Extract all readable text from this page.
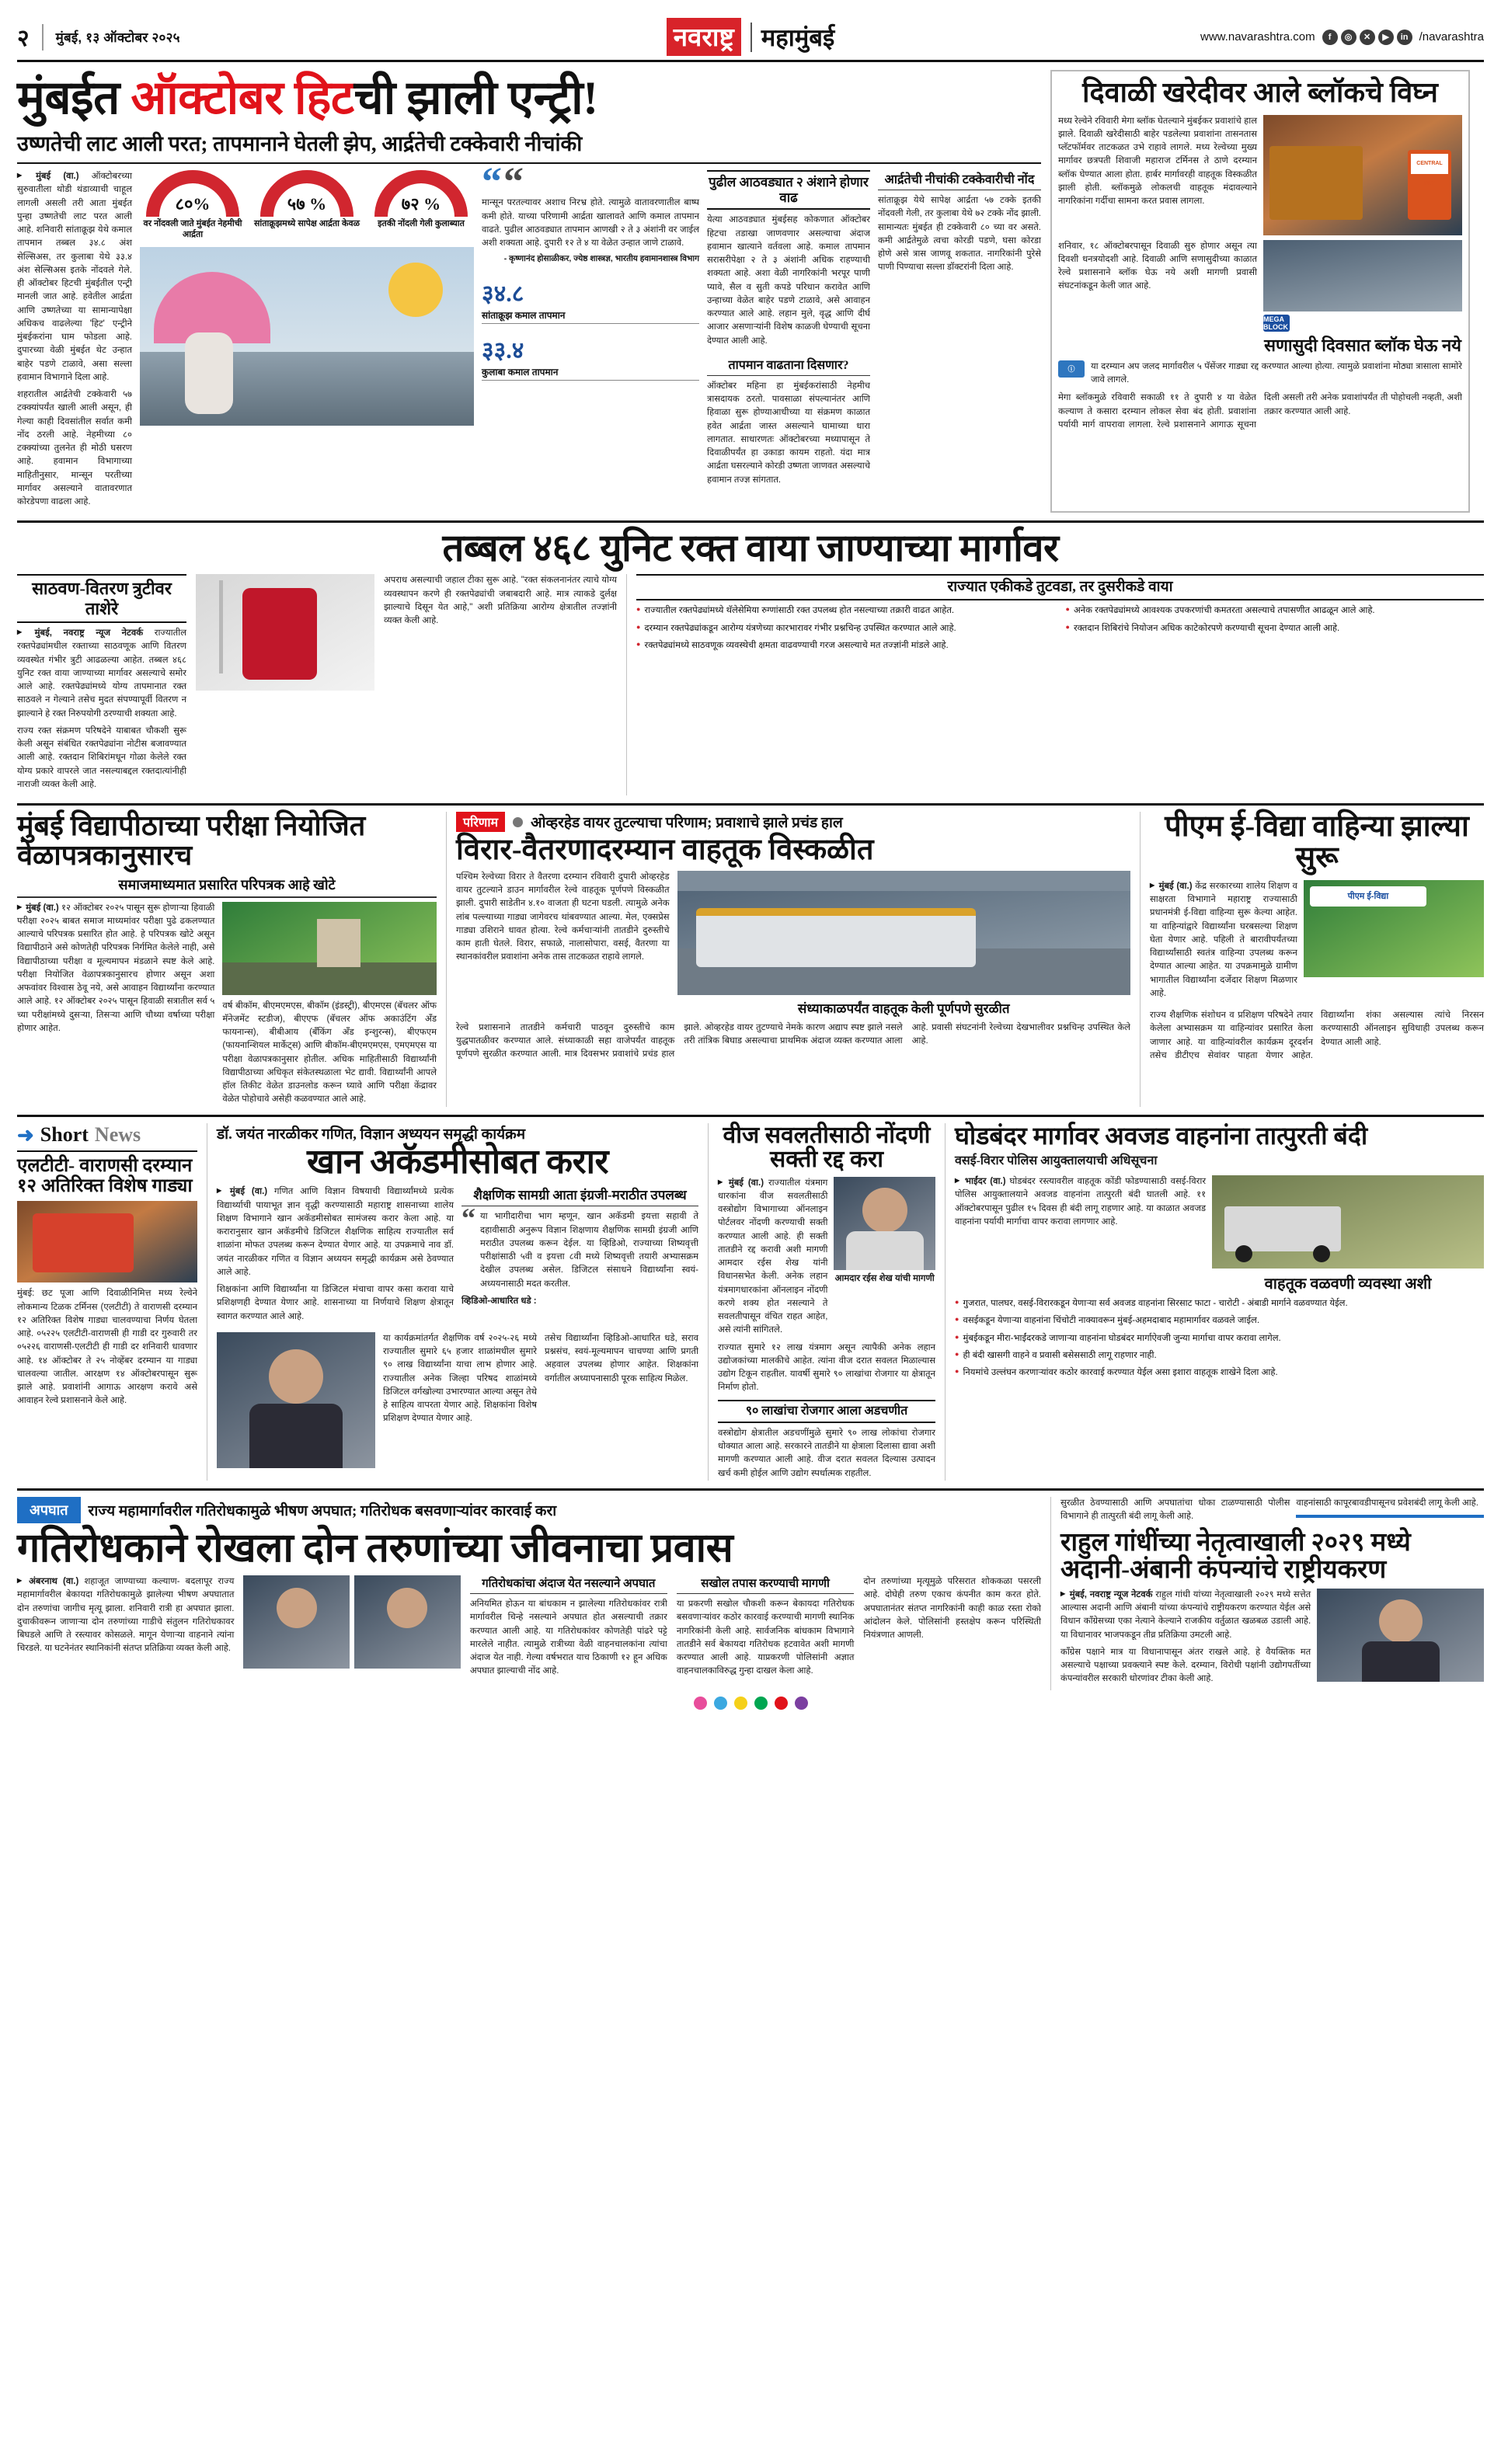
२ मुंबई, १३ ऑक्टोबर २०२५	नवराष्ट्र महामुंबई	www.navarashtra.com	f	◎	✕	▶	in /navarashtra
मुंबईत ऑक्टोबर हिटची झाली एन्ट्री!
उष्णतेची लाट आली परत; तापमानाने घेतली झेप, आर्द्रतेची टक्केवारी नीचांकी

▶ मुंबई (वा.) ऑक्टोबरच्या सुरुवातीला थोडी थंडाव्याची चाहूल लागली असली तरी आता मुंबईत पुन्हा उष्णतेची लाट परत आली आहे. शनिवारी सांताक्रूझ येथे कमाल तापमान तब्बल ३४.८ अंश सेल्सिअस, तर कुलाबा येथे ३३.४ अंश सेल्सिअस इतके नोंदवले गेले. ही ऑक्टोबर हिटची मुंबईतील एन्ट्री मानली जात आहे. हवेतील आर्द्रता आणि उष्णतेच्या या सामान्यापेक्षा अधिकच वाढलेल्या 'हिट' एन्ट्रीने मुंबईकरांना घाम फोडला आहे. दुपारच्या वेळी मुंबईत थेट उन्हात बाहेर पडणे टाळावे, असा सल्ला हवामान विभागाने दिला आहे.

शहरातील आर्द्रतेची टक्केवारी ५७ टक्क्यांपर्यंत खाली आली असून, ही गेल्या काही दिवसांतील सर्वात कमी नोंद ठरली आहे. नेहमीच्या ८० टक्क्यांच्या तुलनेत ही मोठी घसरण आहे. हवामान विभागाच्या माहितीनुसार, मान्सून परतीच्या मार्गावर असल्याने वातावरणात कोरडेपणा वाढला आहे.

८०%
वर नोंदवली जाते मुंबईत नेहमीची आर्द्रता
५७ %
सांताक्रूझमध्ये सापेक्ष आर्द्रता केवळ
७२ %
इतकी नोंदली गेली कुलाब्यात
“ “
मान्सून परतल्यावर अशाच निरभ्र होते. त्यामुळे वातावरणातील बाष्प कमी होते. याच्या परिणामी आर्द्रता खालावते आणि कमाल तापमान वाढते. पुढील आठवड्यात तापमान आणखी २ ते ३ अंशांनी वर जाईल अशी शक्यता आहे. दुपारी १२ ते ४ या वेळेत उन्हात जाणे टाळावे.
- कृष्णानंद होसाळीकर, ज्येष्ठ शास्त्रज्ञ, भारतीय हवामानशास्त्र विभाग
३४.८
सांताक्रूझ कमाल तापमान
३३.४
कुलाबा कमाल तापमान
पुढील आठवड्यात २ अंशाने होणार वाढ
येत्या आठवड्यात मुंबईसह कोकणात ऑक्टोबर हिटचा तडाखा जाणवणार असल्याचा अंदाज हवामान खात्याने वर्तवला आहे. कमाल तापमान सरासरीपेक्षा २ ते ३ अंशांनी अधिक राहण्याची शक्यता आहे. अशा वेळी नागरिकांनी भरपूर पाणी प्यावे, सैल व सुती कपडे परिधान करावेत आणि उन्हाच्या वेळेत बाहेर पडणे टाळावे, असे आवाहन करण्यात आले आहे. लहान मुले, वृद्ध आणि दीर्घ आजार असणाऱ्यांनी विशेष काळजी घेण्याची सूचना देण्यात आली आहे.
तापमान वाढताना दिसणार?
ऑक्टोबर महिना हा मुंबईकरांसाठी नेहमीच त्रासदायक ठरतो. पावसाळा संपल्यानंतर आणि हिवाळा सुरू होण्याआधीच्या या संक्रमण काळात हवेत आर्द्रता जास्त असल्याने घामाच्या धारा लागतात. साधारणतः ऑक्टोबरच्या मध्यापासून ते दिवाळीपर्यंत हा उकाडा कायम राहतो. यंदा मात्र आर्द्रता घसरल्याने कोरडी उष्णता जाणवत असल्याचे हवामान तज्ज्ञ सांगतात.
आर्द्रतेची नीचांकी टक्केवारीची नोंद
सांताक्रूझ येथे सापेक्ष आर्द्रता ५७ टक्के इतकी नोंदवली गेली, तर कुलाबा येथे ७२ टक्के नोंद झाली. सामान्यतः मुंबईत ही टक्केवारी ८० च्या वर असते. कमी आर्द्रतेमुळे त्वचा कोरडी पडणे, घसा कोरडा होणे असे त्रास जाणवू शकतात. नागरिकांनी पुरेसे पाणी पिण्याचा सल्ला डॉक्टरांनी दिला आहे.
दिवाळी खरेदीवर आले ब्लॉकचे विघ्न
मध्य रेल्वेने रविवारी मेगा ब्लॉक घेतल्याने मुंबईकर प्रवाशांचे हाल झाले. दिवाळी खरेदीसाठी बाहेर पडलेल्या प्रवाशांना तासनतास प्लॅटफॉर्मवर ताटकळत उभे राहावे लागले. मध्य रेल्वेच्या मुख्य मार्गावर छत्रपती शिवाजी महाराज टर्मिनस ते ठाणे दरम्यान ब्लॉक घेण्यात आला होता. हार्बर मार्गावरही वाहतूक विस्कळीत झाली होती. ब्लॉकमुळे लोकलची वाहतूक मंदावल्याने नागरिकांना गर्दीचा सामना करत प्रवास लागला.
CENTRAL RLY
शनिवार, १८ ऑक्टोबरपासून दिवाळी सुरु होणार असून त्या दिवशी धनत्रयोदशी आहे. दिवाळी आणि सणासुदीच्या काळात रेल्वे प्रशासनाने ब्लॉक घेऊ नये अशी मागणी प्रवासी संघटनांकडून केली जात आहे.
MEGA BLOCK
सणासुदी दिवसात ब्लॉक घेऊ नये
ⓘ	या दरम्यान अप जलद मार्गावरील ५ पॅसेंजर गाड्या रद्द करण्यात आल्या होत्या. त्यामुळे प्रवाशांना मोठ्या त्रासाला सामोरे जावे लागले.
मेगा ब्लॉकमुळे रविवारी सकाळी ११ ते दुपारी ४ या वेळेत कल्याण ते कसारा दरम्यान लोकल सेवा बंद होती. प्रवाशांना पर्यायी मार्ग वापरावा लागला. रेल्वे प्रशासनाने आगाऊ सूचना दिली असली तरी अनेक प्रवाशांपर्यंत ती पोहोचली नव्हती, अशी तक्रार करण्यात आली आहे.
तब्बल ४६८ युनिट रक्त वाया जाण्याच्या मार्गावर
साठवण-वितरण त्रुटीवर ताशेरे

▶ मुंबई, नवराष्ट्र न्यूज नेटवर्क राज्यातील रक्तपेढ्यांमधील रक्ताच्या साठवणूक आणि वितरण व्यवस्थेत गंभीर त्रुटी आढळल्या आहेत. तब्बल ४६८ युनिट रक्त वाया जाण्याच्या मार्गावर असल्याचे समोर आले आहे. रक्तपेढ्यांमध्ये योग्य तापमानात रक्त साठवले न गेल्याने तसेच मुदत संपण्यापूर्वी वितरण न झाल्याने हे रक्त निरुपयोगी ठरण्याची शक्यता आहे.

राज्य रक्त संक्रमण परिषदेने याबाबत चौकशी सुरू केली असून संबंधित रक्तपेढ्यांना नोटीस बजावण्यात आली आहे. रक्तदान शिबिरांमधून गोळा केलेले रक्त योग्य प्रकारे वापरले जात नसल्याबद्दल रक्तदात्यांनीही नाराजी व्यक्त केली आहे.

अपराध असल्याची जहाल टीका सुरू आहे. "रक्त संकलनानंतर त्याचे योग्य व्यवस्थापन करणे ही रक्तपेढ्यांची जबाबदारी आहे. मात्र त्याकडे दुर्लक्ष झाल्याचे दिसून येत आहे," अशी प्रतिक्रिया आरोग्य क्षेत्रातील तज्ज्ञांनी व्यक्त केली आहे.
राज्यात एकीकडे तुटवडा, तर दुसरीकडे वाया
● राज्यातील रक्तपेढ्यांमध्ये थॅलेसेमिया रुग्णांसाठी रक्त उपलब्ध होत नसल्याच्या तक्रारी वाढत आहेत.
● दरम्यान रक्तपेढ्यांकडून आरोग्य यंत्रणेच्या कारभारावर गंभीर प्रश्नचिन्ह उपस्थित करण्यात आले आहे.
● रक्तपेढ्यांमध्ये साठवणूक व्यवस्थेची क्षमता वाढवण्याची गरज असल्याचे मत तज्ज्ञांनी मांडले आहे.
● अनेक रक्तपेढ्यांमध्ये आवश्यक उपकरणांची कमतरता असल्याचे तपासणीत आढळून आले आहे.
● रक्तदान शिबिरांचे नियोजन अधिक काटेकोरपणे करण्याची सूचना देण्यात आली आहे.
मुंबई विद्यापीठाच्या परीक्षा नियोजित वेळापत्रकानुसारच
समाजमाध्यमात प्रसारित परिपत्रक आहे खोटे

▶ मुंबई (वा.) १२ ऑक्टोबर २०२५ पासून सुरू होणाऱ्या हिवाळी परीक्षा २०२५ बाबत समाज माध्यमांवर परीक्षा पुढे ढकलण्यात आल्याचे परिपत्रक प्रसारित होत आहे. हे परिपत्रक खोटे असून विद्यापीठाने असे कोणतेही परिपत्रक निर्गमित केलेले नाही, असे विद्यापीठाच्या परीक्षा व मूल्यमापन मंडळाने स्पष्ट केले आहे. परीक्षा नियोजित वेळापत्रकानुसारच होणार असून अशा अफवांवर विश्वास ठेवू नये, असे आवाहन विद्यार्थ्यांना करण्यात आले आहे. १२ ऑक्टोबर २०२५ पासून हिवाळी सत्रातील सर्व ५ च्या परीक्षांमध्ये दुसऱ्या, तिसऱ्या आणि चौथ्या वर्षाच्या परीक्षा होणार आहेत.

वर्ष बीकॉम, बीएमएमएस, बीकॉम (इंडस्ट्री), बीएमएस (बॅचलर ऑफ मॅनेजमेंट स्टडीज), बीएएफ (बॅचलर ऑफ अकाउंटिंग अँड फायनान्स), बीबीआय (बँकिंग अँड इन्शुरन्स), बीएफएम (फायनान्शियल मार्केट्स) आणि बीकॉम-बीएमएमएस, एमएमएस या परीक्षा वेळापत्रकानुसार होतील. अधिक माहितीसाठी विद्यार्थ्यांनी विद्यापीठाच्या अधिकृत संकेतस्थळाला भेट द्यावी. विद्यार्थ्यांनी आपले हॉल तिकीट वेळेत डाउनलोड करून घ्यावे आणि परीक्षा केंद्रावर वेळेत पोहोचावे असेही कळवण्यात आले आहे.
परिणाम	ओव्हरहेड वायर तुटल्याचा परिणाम; प्रवाशाचे झाले प्रचंड हाल
विरार-वैतरणादरम्यान वाहतूक विस्कळीत
पश्चिम रेल्वेच्या विरार ते वैतरणा दरम्यान रविवारी दुपारी ओव्हरहेड वायर तुटल्याने डाउन मार्गावरील रेल्वे वाहतूक पूर्णपणे विस्कळीत झाली. दुपारी साडेतीन ४.१० वाजता ही घटना घडली. त्यामुळे अनेक लांब पल्ल्याच्या गाड्या जागेवरच थांबवण्यात आल्या. मेल, एक्सप्रेस गाड्या उशिराने धावत होत्या. रेल्वे कर्मचाऱ्यांनी तातडीने दुरुस्तीचे काम हाती घेतले. विरार, सफाळे, नालासोपारा, वसई, वैतरणा या स्थानकांवरील प्रवाशांना अनेक तास ताटकळत राहावे लागले.
संध्याकाळपर्यंत वाहतूक केली पूर्णपणे सुरळीत
रेल्वे प्रशासनाने तातडीने कर्मचारी पाठवून दुरुस्तीचे काम युद्धपातळीवर करण्यात आले. संध्याकाळी सहा वाजेपर्यंत वाहतूक पूर्णपणे सुरळीत करण्यात आली. मात्र दिवसभर प्रवाशांचे प्रचंड हाल झाले. ओव्हरहेड वायर तुटण्याचे नेमके कारण अद्याप स्पष्ट झाले नसले तरी तांत्रिक बिघाड असल्याचा प्राथमिक अंदाज व्यक्त करण्यात आला आहे. प्रवासी संघटनांनी रेल्वेच्या देखभालीवर प्रश्नचिन्ह उपस्थित केले आहे.
पीएम ई-विद्या वाहिन्या झाल्या सुरू

▶ मुंबई (वा.) केंद्र सरकारच्या शालेय शिक्षण व साक्षरता विभागाने महाराष्ट्र राज्यासाठी प्रधानमंत्री ई-विद्या वाहिन्या सुरू केल्या आहेत. या वाहिन्यांद्वारे विद्यार्थ्यांना घरबसल्या शिक्षण घेता येणार आहे. पहिली ते बारावीपर्यंतच्या विद्यार्थ्यांसाठी स्वतंत्र वाहिन्या उपलब्ध करून देण्यात आल्या आहेत. या उपक्रमामुळे ग्रामीण भागातील विद्यार्थ्यांना दर्जेदार शिक्षण मिळणार आहे.

पीएम ई-विद्या
राज्य शैक्षणिक संशोधन व प्रशिक्षण परिषदेने तयार केलेला अभ्यासक्रम या वाहिन्यांवर प्रसारित केला जाणार आहे. या वाहिन्यांवरील कार्यक्रम दूरदर्शन तसेच डीटीएच सेवांवर पाहता येणार आहेत. विद्यार्थ्यांना शंका असल्यास त्यांचे निरसन करण्यासाठी ऑनलाइन सुविधाही उपलब्ध करून देण्यात आली आहे.
➜ Short News
एलटीटी- वाराणसी दरम्यान १२ अतिरिक्त विशेष गाड्या
मुंबई: छट पूजा आणि दिवाळीनिमित्त मध्य रेल्वेने लोकमान्य टिळक टर्मिनस (एलटीटी) ते वाराणसी दरम्यान १२ अतिरिक्त विशेष गाड्या चालवण्याचा निर्णय घेतला आहे. ०५२२५ एलटीटी-वाराणसी ही गाडी दर गुरुवारी तर ०५२२६ वाराणसी-एलटीटी ही गाडी दर शनिवारी धावणार आहे. १४ ऑक्टोबर ते २५ नोव्हेंबर दरम्यान या गाड्या चालवल्या जातील. आरक्षण १४ ऑक्टोबरपासून सुरू झाले आहे. प्रवाशांनी आगाऊ आरक्षण करावे असे आवाहन रेल्वे प्रशासनाने केले आहे.
डॉ. जयंत नारळीकर गणित, विज्ञान अध्ययन समृद्धी कार्यक्रम
खान अकॅडमीसोबत करार

▶ मुंबई (वा.) गणित आणि विज्ञान विषयाची विद्यार्थ्यांमध्ये प्रत्येक विद्यार्थ्याची पायाभूत ज्ञान वृद्धी करण्यासाठी महाराष्ट्र शासनाच्या शालेय शिक्षण विभागाने खान अकॅडमीसोबत सामंजस्य करार केला आहे. या करारानुसार खान अकॅडमीचे डिजिटल शैक्षणिक साहित्य राज्यातील सर्व शाळांना मोफत उपलब्ध करून देण्यात येणार आहे. या उपक्रमाचे नाव डॉ. जयंत नारळीकर गणित व विज्ञान अध्ययन समृद्धी कार्यक्रम असे ठेवण्यात आले आहे.

शिक्षकांना आणि विद्यार्थ्यांना या डिजिटल मंचाचा वापर कसा करावा याचे प्रशिक्षणही देण्यात येणार आहे. शासनाच्या या निर्णयाचे शिक्षण क्षेत्रातून स्वागत करण्यात आले आहे.

शैक्षणिक सामग्री आता इंग्रजी-मराठीत उपलब्ध
“ या भागीदारीचा भाग म्हणून, खान अकॅडमी इयत्ता सहावी ते दहावीसाठी अनुरूप विज्ञान शिक्षणाय शैक्षणिक सामग्री इंग्रजी आणि मराठीत उपलब्ध करून देईल. या व्हिडिओ, राज्याच्या शिष्यवृत्ती परीक्षांसाठी ५वी व इयत्ता ८वी मध्ये शिष्यवृत्ती तयारी अभ्यासक्रम देखील उपलब्ध असेल. डिजिटल संसाधने विद्यार्थ्यांना स्वयं-अध्ययनासाठी मदत करतील.
व्हिडिओ-आधारित धडे :
या कार्यक्रमांतर्गत शैक्षणिक वर्ष २०२५-२६ मध्ये राज्यातील सुमारे ६५ हजार शाळांमधील सुमारे ९० लाख विद्यार्थ्यांना याचा लाभ होणार आहे. राज्यातील अनेक जिल्हा परिषद शाळांमध्ये डिजिटल वर्गखोल्या उभारण्यात आल्या असून तेथे हे साहित्य वापरता येणार आहे. शिक्षकांना विशेष प्रशिक्षण देण्यात येणार आहे.
तसेच विद्यार्थ्यांना व्हिडिओ-आधारित धडे, सराव प्रश्नसंच, स्वयं-मूल्यमापन चाचण्या आणि प्रगती अहवाल उपलब्ध होणार आहेत. शिक्षकांना वर्गातील अध्यापनासाठी पूरक साहित्य मिळेल.
वीज सवलतीसाठी नोंदणी सक्ती रद्द करा

▶ मुंबई (वा.) राज्यातील यंत्रमाग धारकांना वीज सवलतीसाठी वस्त्रोद्योग विभागाच्या ऑनलाइन पोर्टलवर नोंदणी करण्याची सक्ती करण्यात आली आहे. ही सक्ती तातडीने रद्द करावी अशी मागणी आमदार रईस शेख यांनी विधानसभेत केली. अनेक लहान यंत्रमागधारकांना ऑनलाइन नोंदणी करणे शक्य होत नसल्याने ते सवलतीपासून वंचित राहत आहेत, असे त्यांनी सांगितले.

आमदार रईस शेख यांची मागणी
राज्यात सुमारे १२ लाख यंत्रमाग असून त्यापैकी अनेक लहान उद्योजकांच्या मालकीचे आहेत. त्यांना वीज दरात सवलत मिळाल्यास उद्योग टिकून राहतील. यावर्षी सुमारे ९० लाखांचा रोजगार या क्षेत्रातून निर्माण होतो.
९० लाखांचा रोजगार आला अडचणीत
वस्त्रोद्योग क्षेत्रातील अडचणींमुळे सुमारे ९० लाख लोकांचा रोजगार धोक्यात आला आहे. सरकारने तातडीने या क्षेत्राला दिलासा द्यावा अशी मागणी करण्यात आली आहे. वीज दरात सवलत दिल्यास उत्पादन खर्च कमी होईल आणि उद्योग स्पर्धात्मक राहतील.
घोडबंदर मार्गावर अवजड वाहनांना तात्पुरती बंदी
वसई-विरार पोलिस आयुक्तालयाची अधिसूचना

▶ भाईंदर (वा.) घोडबंदर रस्त्यावरील वाहतूक कोंडी फोडण्यासाठी वसई-विरार पोलिस आयुक्तालयाने अवजड वाहनांना तात्पुरती बंदी घातली आहे. ११ ऑक्टोबरपासून पुढील १५ दिवस ही बंदी लागू राहणार आहे. या काळात अवजड वाहनांना पर्यायी मार्गाचा वापर करावा लागणार आहे.

वाहतूक वळवणी व्यवस्था अशी
● गुजरात, पालघर, वसई-विरारकडून येणाऱ्या सर्व अवजड वाहनांना सिरसाट फाटा - चारोटी - अंबाडी मार्गाने वळवण्यात येईल.
● वसईकडून येणाऱ्या वाहनांना चिंचोटी नाक्यावरून मुंबई-अहमदाबाद महामार्गावर वळवले जाईल.
● मुंबईकडून मीरा-भाईंदरकडे जाणाऱ्या वाहनांना घोडबंदर मार्गाऐवजी जुन्या मार्गाचा वापर करावा लागेल.
● ही बंदी खासगी वाहने व प्रवासी बसेससाठी लागू राहणार नाही.
● नियमांचे उल्लंघन करणाऱ्यांवर कठोर कारवाई करण्यात येईल असा इशारा वाहतूक शाखेने दिला आहे.
अपघात	राज्य महामार्गावरील गतिरोधकामुळे भीषण अपघात; गतिरोधक बसवणाऱ्यांवर कारवाई करा
गतिरोधकाने रोखला दोन तरुणांच्या जीवनाचा प्रवास

▶ अंबरनाथ (वा.) शहाजूत जाण्याच्या कल्याण- बदलापूर राज्य महामार्गावरील बेकायदा गतिरोधकामुळे झालेल्या भीषण अपघातात दोन तरुणांचा जागीच मृत्यू झाला. शनिवारी रात्री हा अपघात झाला. दुचाकीवरून जाणाऱ्या दोन तरुणांच्या गाडीचे संतुलन गतिरोधकावर बिघडले आणि ते रस्त्यावर कोसळले. मागून येणाऱ्या वाहनाने त्यांना चिरडले. या घटनेनंतर स्थानिकांनी संतप्त प्रतिक्रिया व्यक्त केली आहे.

गतिरोधकांचा अंदाज येत नसल्याने अपघात
अनियमित होऊन या बांधकाम न झालेल्या गतिरोधकांवर रात्री मार्गावरील चिन्हे नसल्याने अपघात होत असल्याची तक्रार करण्यात आली आहे. या गतिरोधकांवर कोणतेही पांढरे पट्टे मारलेले नाहीत. त्यामुळे रात्रीच्या वेळी वाहनचालकांना त्यांचा अंदाज येत नाही. गेल्या वर्षभरात याच ठिकाणी १२ हून अधिक अपघात झाल्याची नोंद आहे.
सखोल तपास करण्याची मागणी
या प्रकरणी सखोल चौकशी करून बेकायदा गतिरोधक बसवणाऱ्यांवर कठोर कारवाई करण्याची मागणी स्थानिक नागरिकांनी केली आहे. सार्वजनिक बांधकाम विभागाने तातडीने सर्व बेकायदा गतिरोधक हटवावेत अशी मागणी करण्यात आली आहे. याप्रकरणी पोलिसांनी अज्ञात वाहनचालकाविरुद्ध गुन्हा दाखल केला आहे.
दोन तरुणांच्या मृत्यूमुळे परिसरात शोककळा पसरली आहे. दोघेही तरुण एकाच कंपनीत काम करत होते. अपघातानंतर संतप्त नागरिकांनी काही काळ रस्ता रोको आंदोलन केले. पोलिसांनी हस्तक्षेप करून परिस्थिती नियंत्रणात आणली.
सुरळीत ठेवण्यासाठी आणि अपघातांचा धोका टाळण्यासाठी पोलीस विभागाने ही तात्पुरती बंदी लागू केली आहे.
वाहनांसाठी कापूरबावडीपासूनच प्रवेशबंदी लागू केली आहे.
राहुल गांधींच्या नेतृत्वाखाली २०२९ मध्ये अदानी-अंबानी कंपन्यांचे राष्ट्रीयकरण

▶ मुंबई, नवराष्ट्र न्यूज नेटवर्क राहुल गांधी यांच्या नेतृत्वाखाली २०२९ मध्ये सत्तेत आल्यास अदानी आणि अंबानी यांच्या कंपन्यांचे राष्ट्रीयकरण करण्यात येईल असे विधान काँग्रेसच्या एका नेत्याने केल्याने राजकीय वर्तुळात खळबळ उडाली आहे. या विधानावर भाजपकडून तीव्र प्रतिक्रिया उमटली आहे.

काँग्रेस पक्षाने मात्र या विधानापासून अंतर राखले आहे. हे वैयक्तिक मत असल्याचे पक्षाच्या प्रवक्त्याने स्पष्ट केले. दरम्यान, विरोधी पक्षांनी उद्योगपतींच्या कंपन्यांवरील सरकारी धोरणांवर टीका केली आहे.
